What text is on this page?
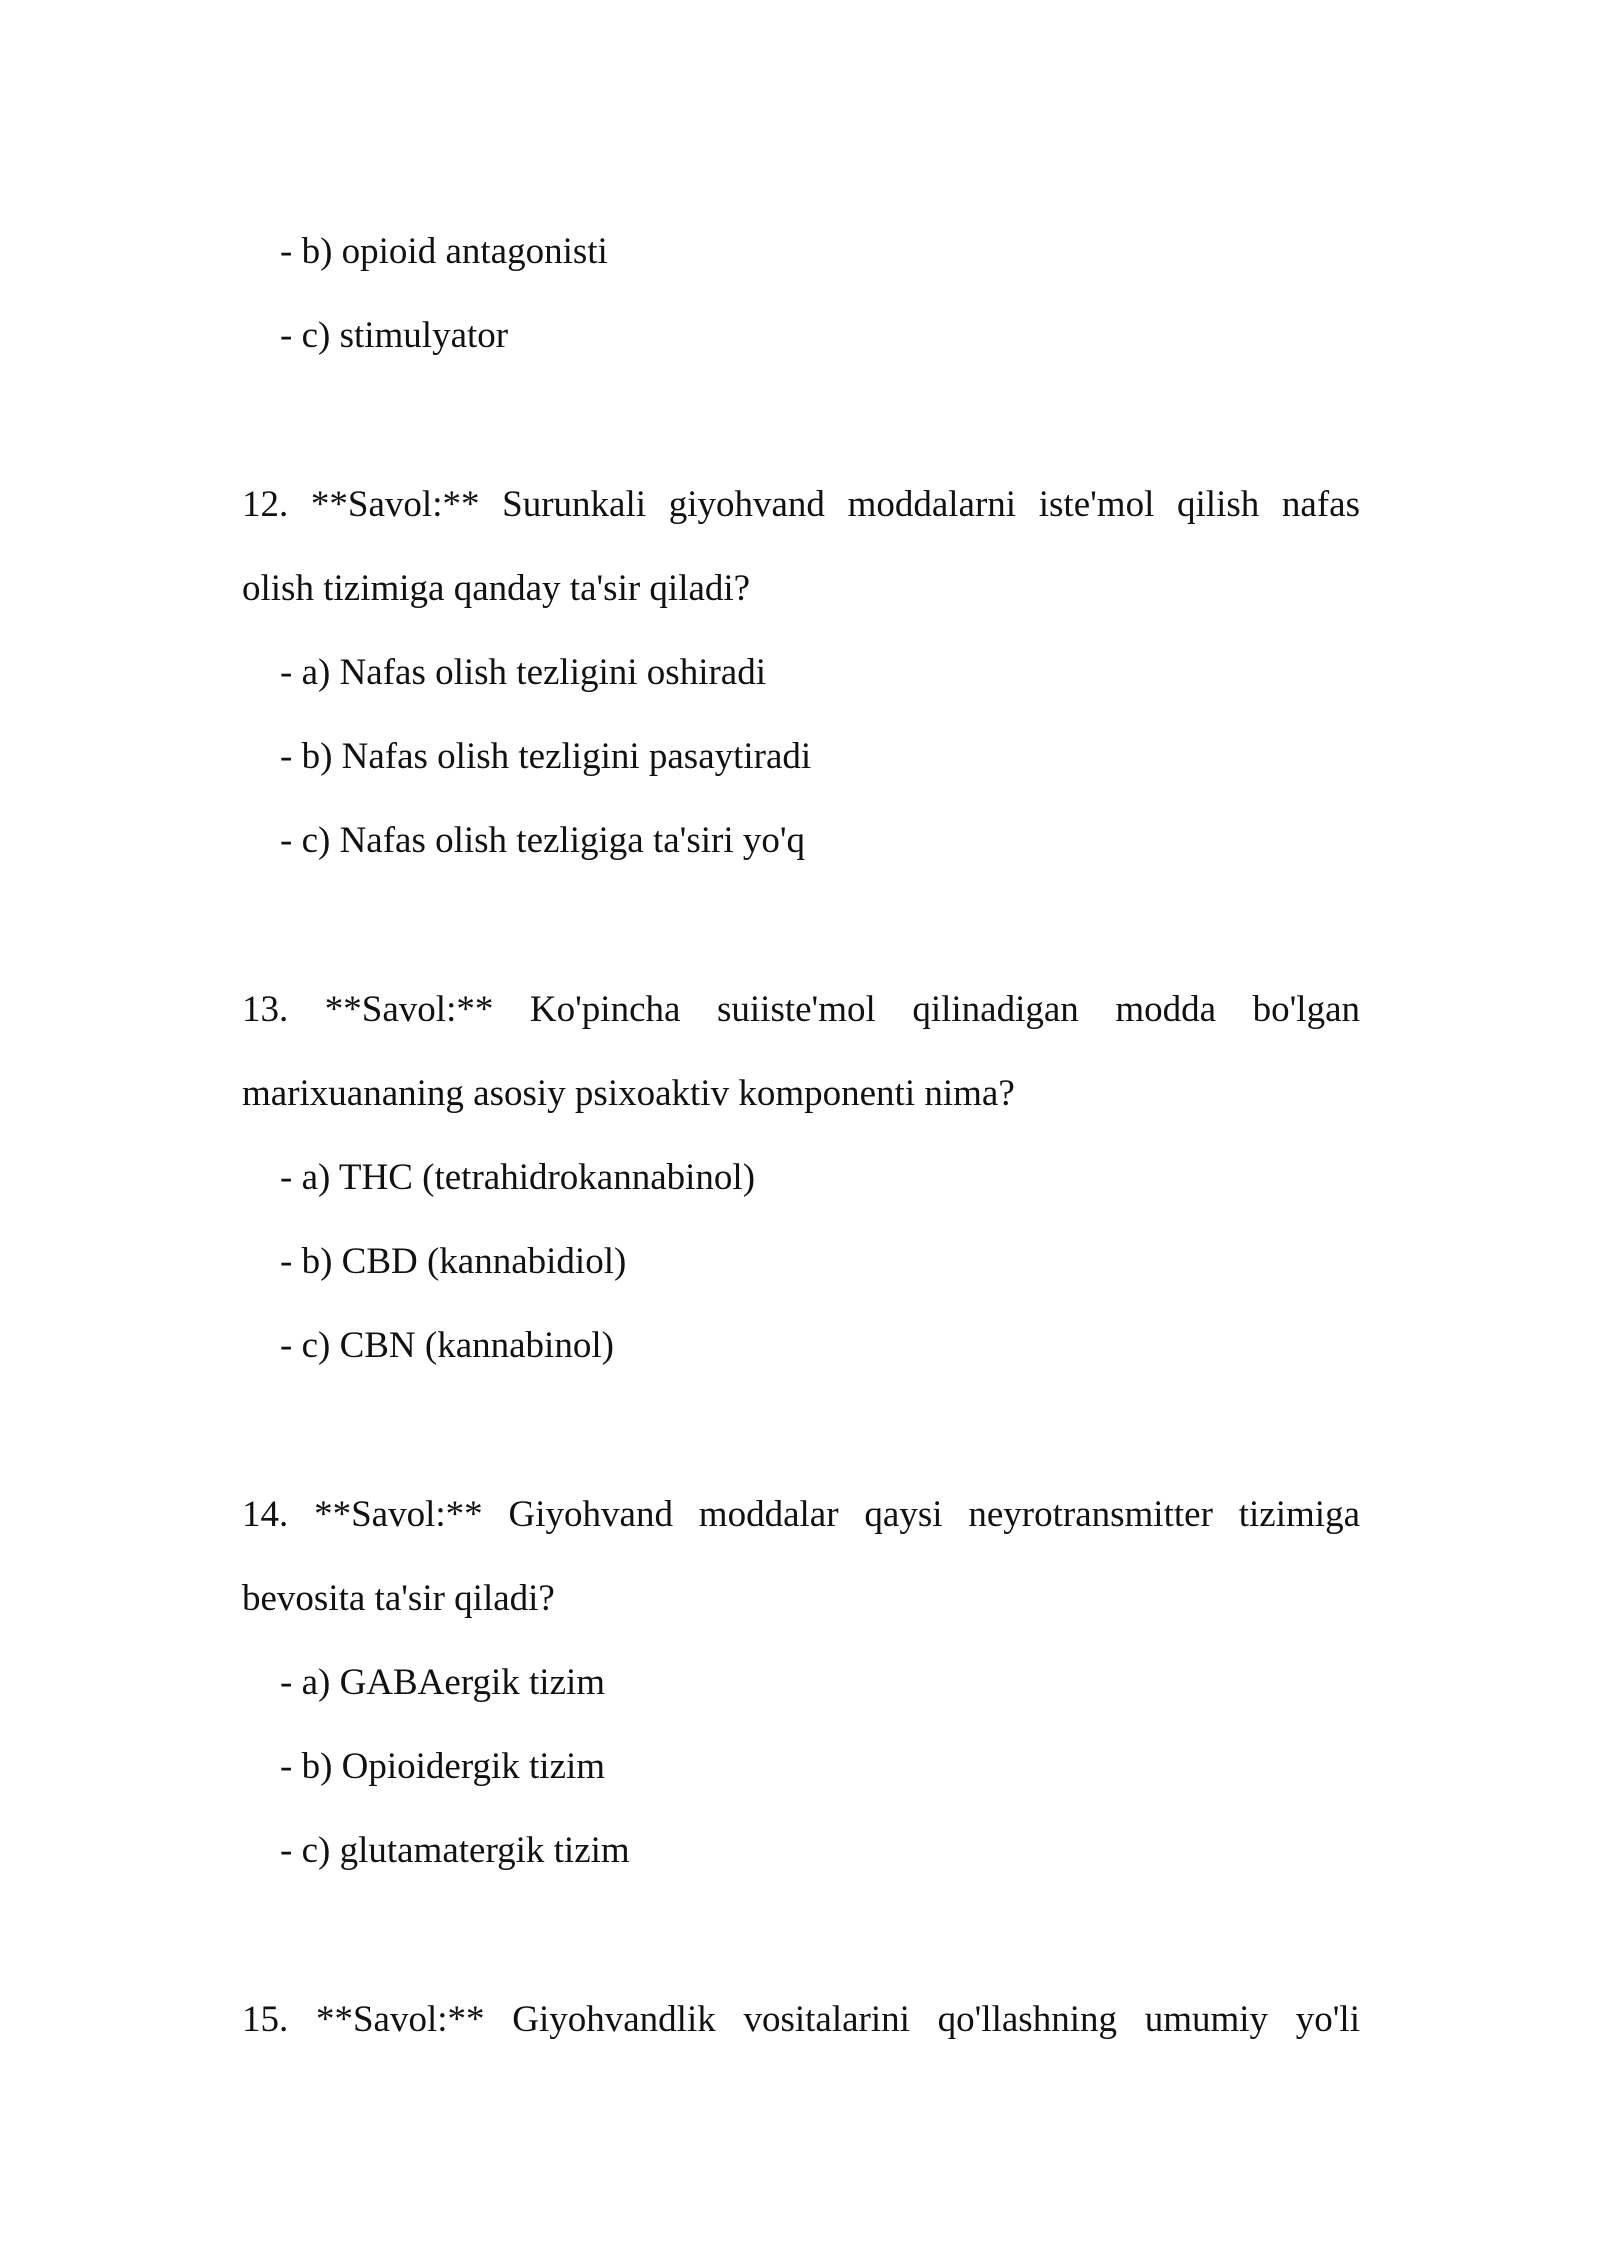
- b) opioid antagonisti
- c) stimulyator
12. **Savol:** Surunkali giyohvand moddalarni iste'mol qilish nafas
olish tizimiga qanday ta'sir qiladi?
- a) Nafas olish tezligini oshiradi
- b) Nafas olish tezligini pasaytiradi
- c) Nafas olish tezligiga ta'siri yo'q
13. **Savol:** Ko'pincha suiiste'mol qilinadigan modda bo'lgan
marixuananing asosiy psixoaktiv komponenti nima?
- a) THC (tetrahidrokannabinol)
- b) CBD (kannabidiol)
- c) CBN (kannabinol)
14. **Savol:** Giyohvand moddalar qaysi neyrotransmitter tizimiga
bevosita ta'sir qiladi?
- a) GABAergik tizim
- b) Opioidergik tizim
- c) glutamatergik tizim
15. **Savol:** Giyohvandlik vositalarini qo'llashning umumiy yo'li
